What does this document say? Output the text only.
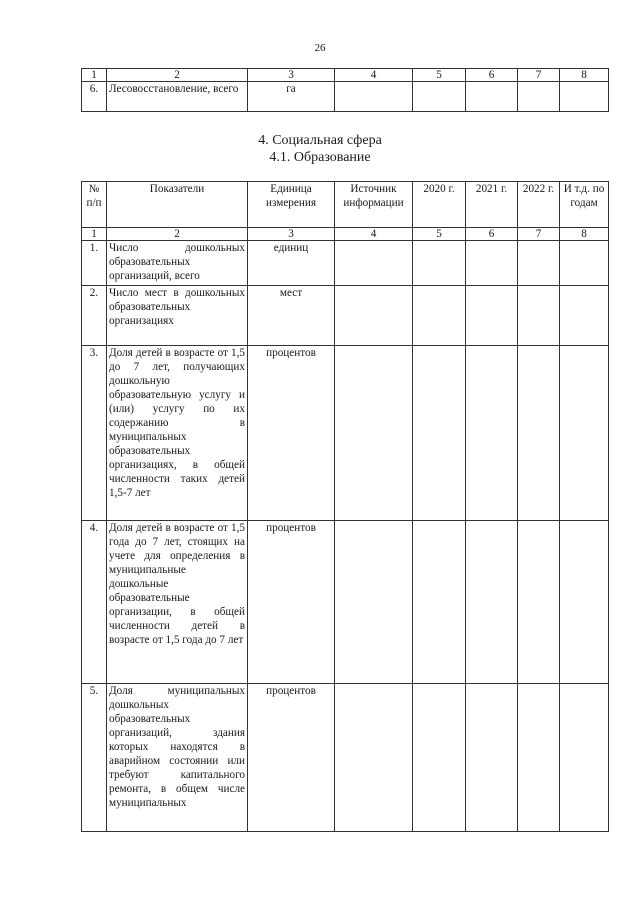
26
1	2	3	4	5	6	7	8
6.	Лесовосстановление, всего	га					
4. Социальная сфера
4.1. Образование
№ п/п	Показатели	Единица измерения	Источник информации	2020 г.	2021 г.	2022 г.	И т.д. по годам
1	2	3	4	5	6	7	8
1.	Число дошкольных образовательных организаций, всего	единиц					
2.	Число мест в дошкольных образовательных организациях	мест					
3.	Доля детей в возрасте от 1,5 до 7 лет, получающих дошкольную образовательную услугу и (или) услугу по их содержанию в муниципальных образовательных организациях, в общей численности таких детей 1,5-7 лет	процентов					
4.	Доля детей в возрасте от 1,5 года до 7 лет, стоящих на учете для определения в муниципальные дошкольные образовательные организации, в общей численности детей в возрасте от 1,5 года до 7 лет	процентов					
5.	Доля муниципальных дошкольных образовательных организаций, здания которых находятся в аварийном состоянии или требуют капитального ремонта, в общем числе муниципальных	процентов					
